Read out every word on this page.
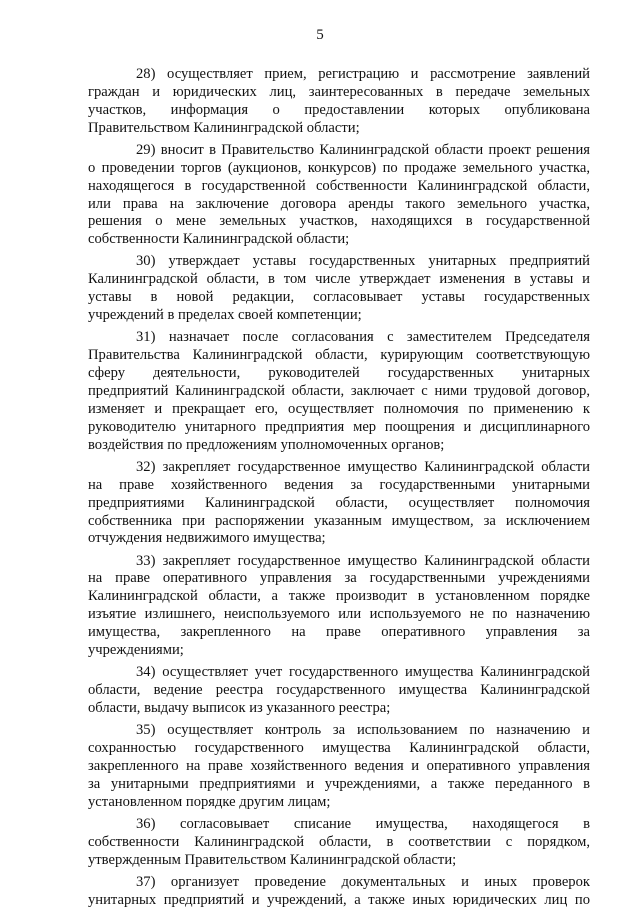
5
28) осуществляет прием, регистрацию и рассмотрение заявлений
граждан и юридических лиц, заинтересованных в передаче земельных
участков, информация о предоставлении которых опубликована
Правительством Калининградской области;
29) вносит в Правительство Калининградской области проект решения
о проведении торгов (аукционов, конкурсов) по продаже земельного участка,
находящегося в государственной собственности Калининградской области,
или права на заключение договора аренды такого земельного участка,
решения о мене земельных участков, находящихся в государственной
собственности Калининградской области;
30) утверждает уставы государственных унитарных предприятий
Калининградской области, в том числе утверждает изменения в уставы и
уставы в новой редакции, согласовывает уставы государственных
учреждений в пределах своей компетенции;
31) назначает после согласования с заместителем Председателя
Правительства Калининградской области, курирующим соответствующую
сферу деятельности, руководителей государственных унитарных
предприятий Калининградской области, заключает с ними трудовой договор,
изменяет и прекращает его, осуществляет полномочия по применению к
руководителю унитарного предприятия мер поощрения и дисциплинарного
воздействия по предложениям уполномоченных органов;
32) закрепляет государственное имущество Калининградской области
на праве хозяйственного ведения за государственными унитарными
предприятиями Калининградской области, осуществляет полномочия
собственника при распоряжении указанным имуществом, за исключением
отчуждения недвижимого имущества;
33) закрепляет государственное имущество Калининградской области
на праве оперативного управления за государственными учреждениями
Калининградской области, а также производит в установленном порядке
изъятие излишнего, неиспользуемого или используемого не по назначению
имущества, закрепленного на праве оперативного управления за
учреждениями;
34) осуществляет учет государственного имущества Калининградской
области, ведение реестра государственного имущества Калининградской
области, выдачу выписок из указанного реестра;
35) осуществляет контроль за использованием по назначению и
сохранностью государственного имущества Калининградской области,
закрепленного на праве хозяйственного ведения и оперативного управления
за унитарными предприятиями и учреждениями, а также переданного в
установленном порядке другим лицам;
36) согласовывает списание имущества, находящегося в
собственности Калининградской области, в соответствии с порядком,
утвержденным Правительством Калининградской области;
37) организует проведение документальных и иных проверок
унитарных предприятий и учреждений, а также иных юридических лиц по
